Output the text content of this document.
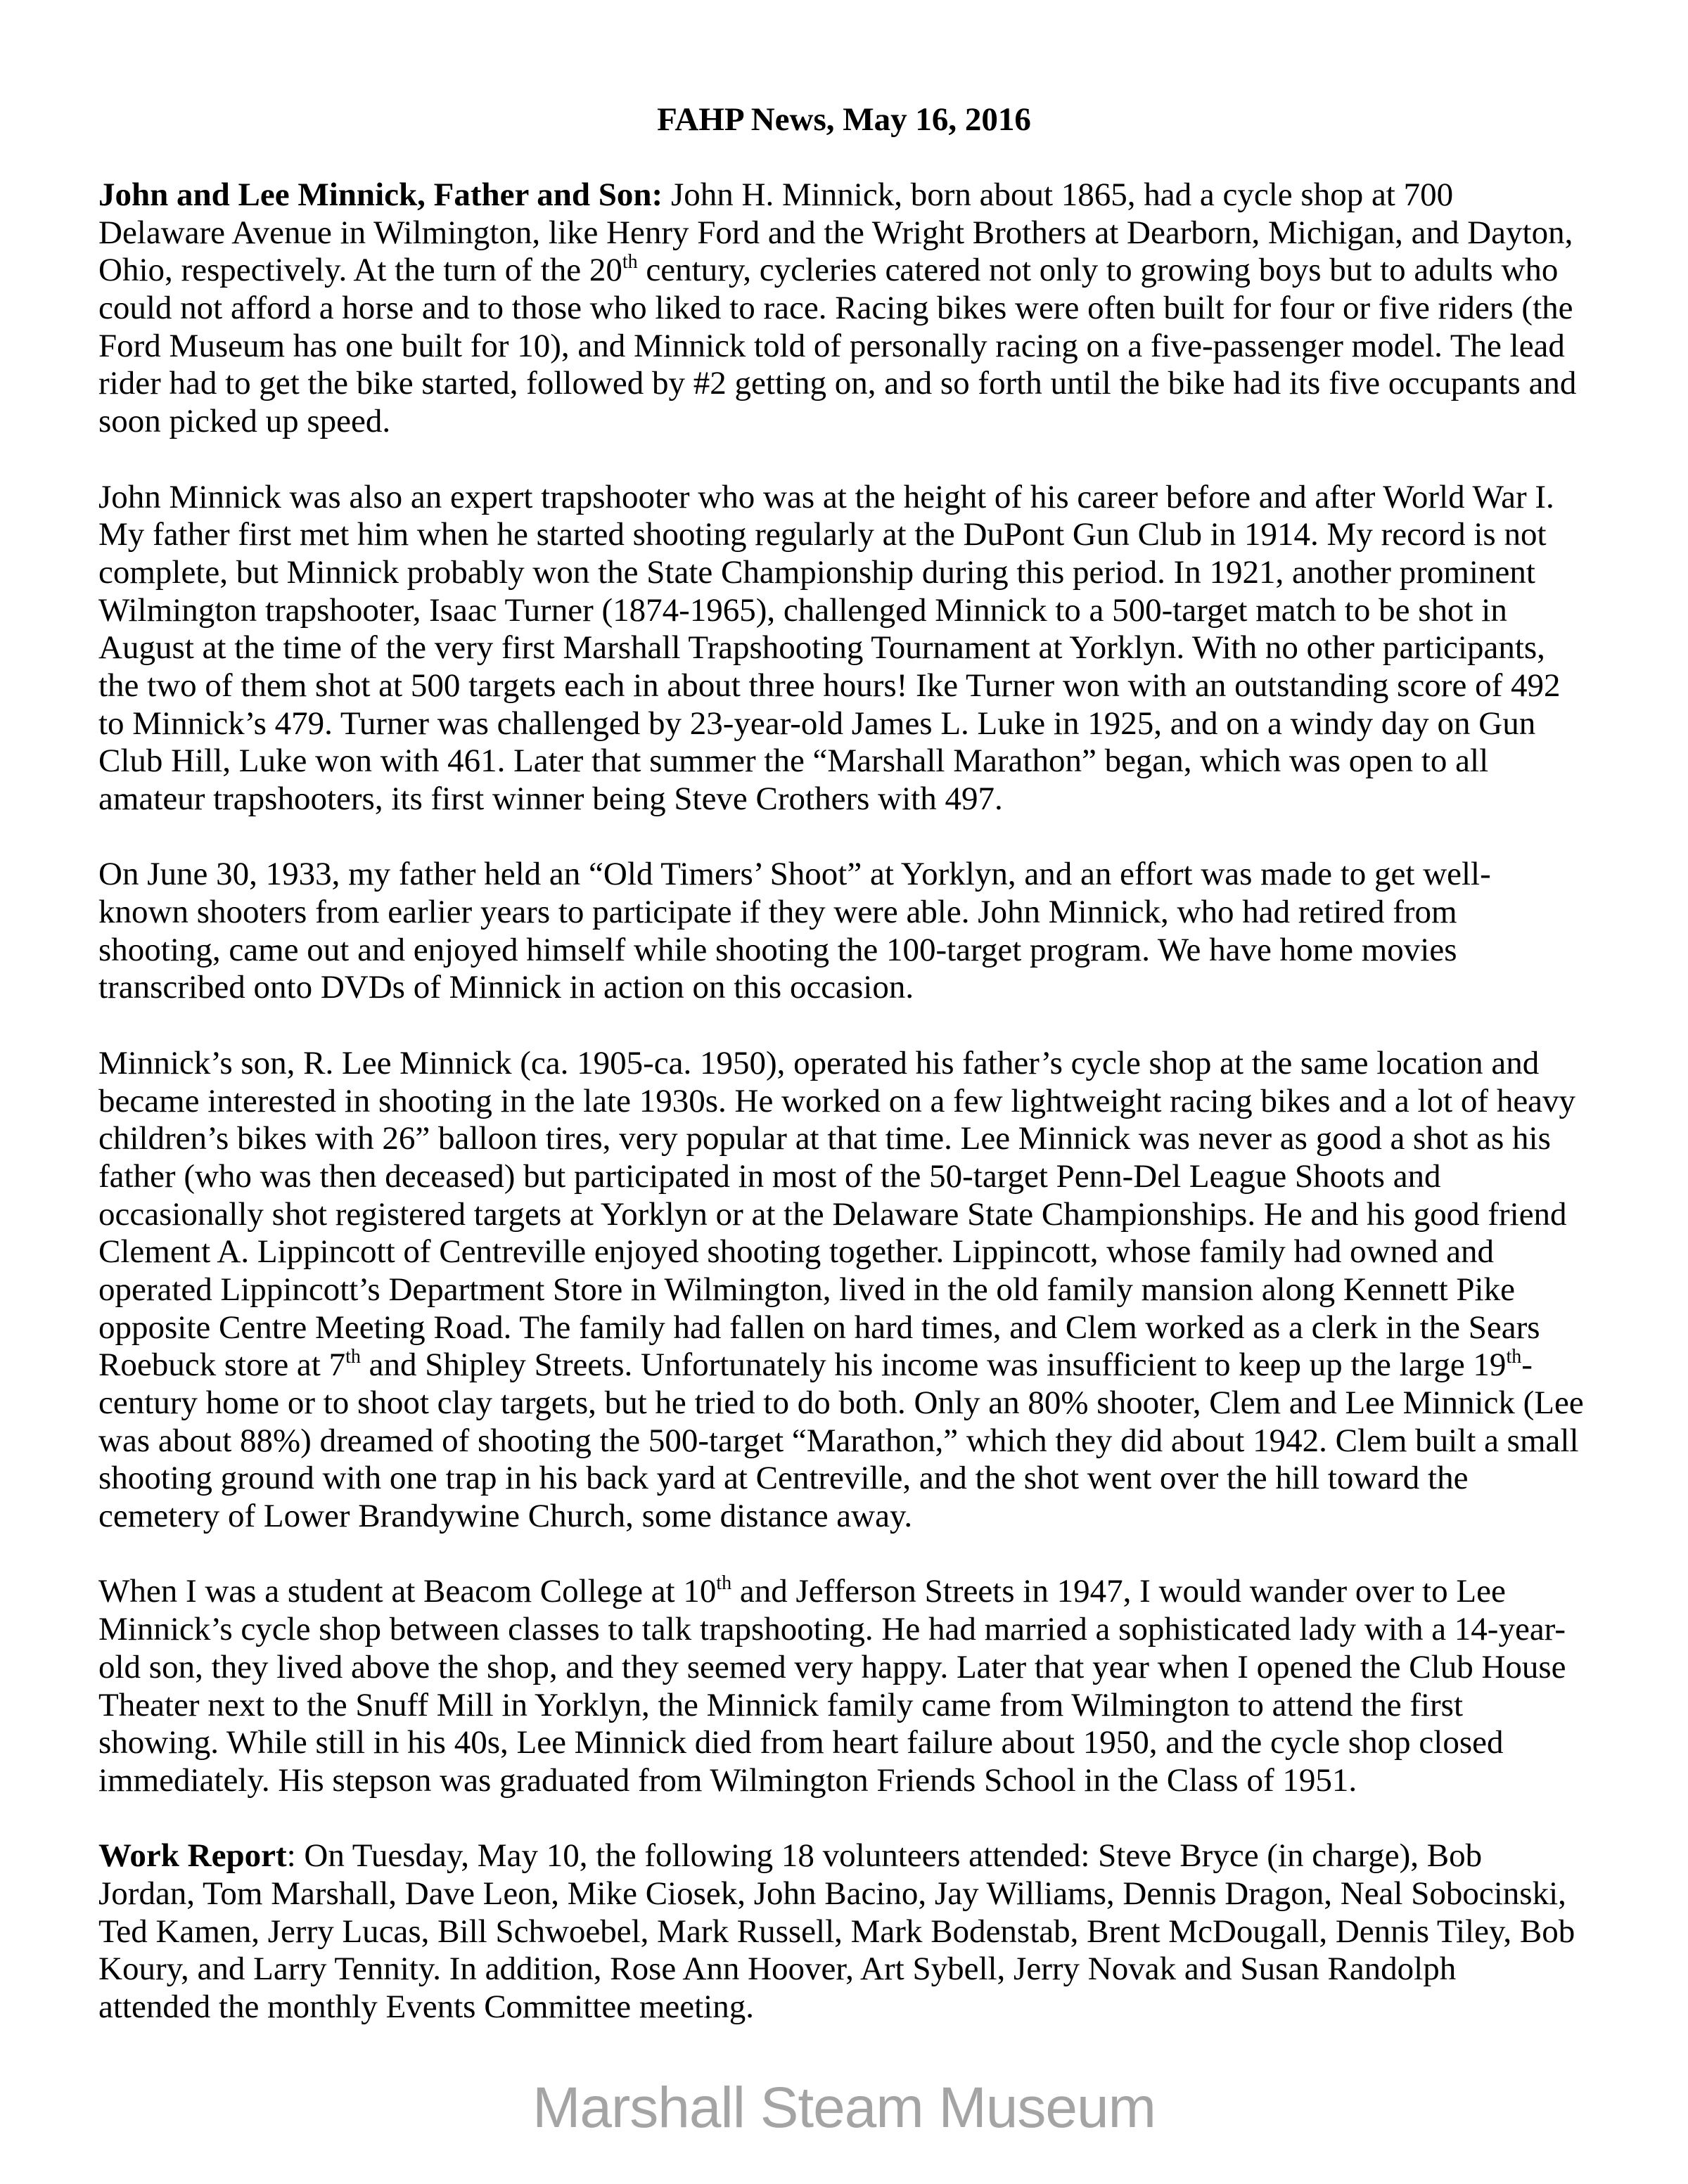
FAHP News, May 16, 2016
John and Lee Minnick, Father and Son: John H. Minnick, born about 1865, had a cycle shop at 700
Delaware Avenue in Wilmington, like Henry Ford and the Wright Brothers at Dearborn, Michigan, and Dayton,
Ohio, respectively. At the turn of the 20th century, cycleries catered not only to growing boys but to adults who
could not afford a horse and to those who liked to race. Racing bikes were often built for four or five riders (the
Ford Museum has one built for 10), and Minnick told of personally racing on a five-passenger model. The lead
rider had to get the bike started, followed by #2 getting on, and so forth until the bike had its five occupants and
soon picked up speed.
John Minnick was also an expert trapshooter who was at the height of his career before and after World War I.
My father first met him when he started shooting regularly at the DuPont Gun Club in 1914. My record is not
complete, but Minnick probably won the State Championship during this period. In 1921, another prominent
Wilmington trapshooter, Isaac Turner (1874-1965), challenged Minnick to a 500-target match to be shot in
August at the time of the very first Marshall Trapshooting Tournament at Yorklyn. With no other participants,
the two of them shot at 500 targets each in about three hours! Ike Turner won with an outstanding score of 492
to Minnick’s 479. Turner was challenged by 23-year-old James L. Luke in 1925, and on a windy day on Gun
Club Hill, Luke won with 461. Later that summer the “Marshall Marathon” began, which was open to all
amateur trapshooters, its first winner being Steve Crothers with 497.
On June 30, 1933, my father held an “Old Timers’ Shoot” at Yorklyn, and an effort was made to get well-
known shooters from earlier years to participate if they were able. John Minnick, who had retired from
shooting, came out and enjoyed himself while shooting the 100-target program. We have home movies
transcribed onto DVDs of Minnick in action on this occasion.
Minnick’s son, R. Lee Minnick (ca. 1905-ca. 1950), operated his father’s cycle shop at the same location and
became interested in shooting in the late 1930s. He worked on a few lightweight racing bikes and a lot of heavy
children’s bikes with 26” balloon tires, very popular at that time. Lee Minnick was never as good a shot as his
father (who was then deceased) but participated in most of the 50-target Penn-Del League Shoots and
occasionally shot registered targets at Yorklyn or at the Delaware State Championships. He and his good friend
Clement A. Lippincott of Centreville enjoyed shooting together. Lippincott, whose family had owned and
operated Lippincott’s Department Store in Wilmington, lived in the old family mansion along Kennett Pike
opposite Centre Meeting Road. The family had fallen on hard times, and Clem worked as a clerk in the Sears
Roebuck store at 7th and Shipley Streets. Unfortunately his income was insufficient to keep up the large 19th-
century home or to shoot clay targets, but he tried to do both. Only an 80% shooter, Clem and Lee Minnick (Lee
was about 88%) dreamed of shooting the 500-target “Marathon,” which they did about 1942. Clem built a small
shooting ground with one trap in his back yard at Centreville, and the shot went over the hill toward the
cemetery of Lower Brandywine Church, some distance away.
When I was a student at Beacom College at 10th and Jefferson Streets in 1947, I would wander over to Lee
Minnick’s cycle shop between classes to talk trapshooting. He had married a sophisticated lady with a 14-year-
old son, they lived above the shop, and they seemed very happy. Later that year when I opened the Club House
Theater next to the Snuff Mill in Yorklyn, the Minnick family came from Wilmington to attend the first
showing. While still in his 40s, Lee Minnick died from heart failure about 1950, and the cycle shop closed
immediately. His stepson was graduated from Wilmington Friends School in the Class of 1951.
Work Report: On Tuesday, May 10, the following 18 volunteers attended: Steve Bryce (in charge), Bob
Jordan, Tom Marshall, Dave Leon, Mike Ciosek, John Bacino, Jay Williams, Dennis Dragon, Neal Sobocinski,
Ted Kamen, Jerry Lucas, Bill Schwoebel, Mark Russell, Mark Bodenstab, Brent McDougall, Dennis Tiley, Bob
Koury, and Larry Tennity. In addition, Rose Ann Hoover, Art Sybell, Jerry Novak and Susan Randolph
attended the monthly Events Committee meeting.
Marshall Steam Museum
